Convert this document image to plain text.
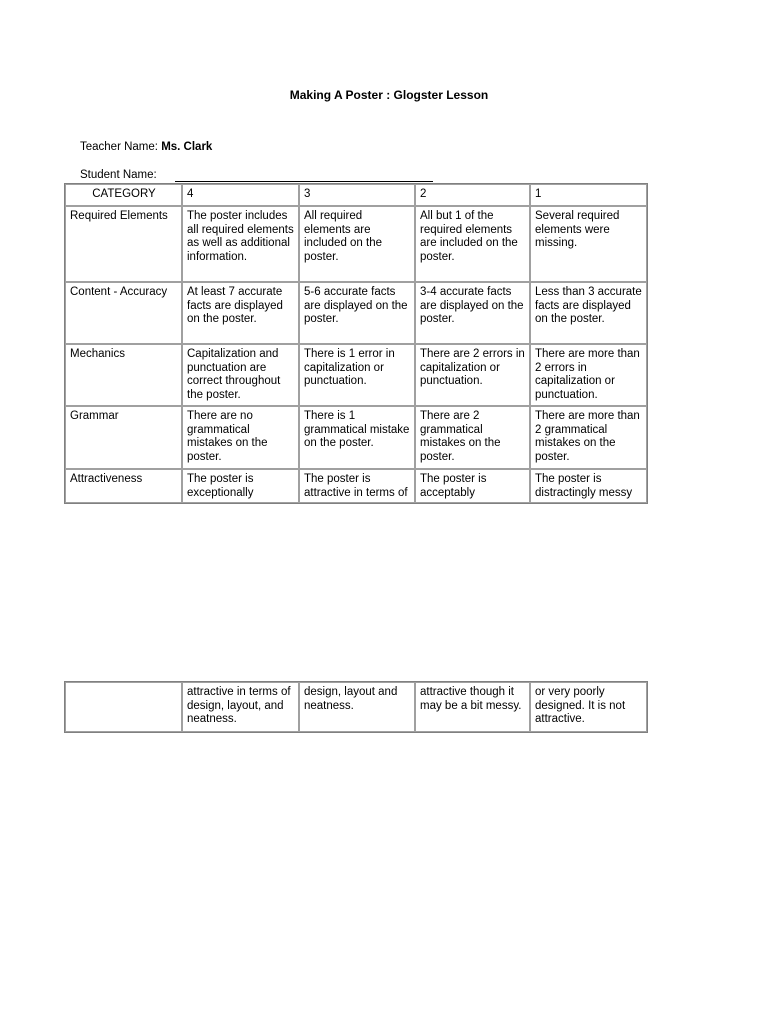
Making A Poster : Glogster Lesson
Teacher Name: Ms. Clark
Student Name:
CATEGORY	4	3	2	1
Required Elements	The poster includes all required elements as well as additional information.	All required elements are included on the poster.	All but 1 of the required elements are included on the poster.	Several required elements were missing.
Content - Accuracy	At least 7 accurate facts are displayed on the poster.	5-6 accurate facts are displayed on the poster.	3-4 accurate facts are displayed on the poster.	Less than 3 accurate facts are displayed on the poster.
Mechanics	Capitalization and punctuation are correct throughout the poster.	There is 1 error in capitalization or punctuation.	There are 2 errors in capitalization or punctuation.	There are more than 2 errors in capitalization or punctuation.
Grammar	There are no grammatical mistakes on the poster.	There is 1 grammatical mistake on the poster.	There are 2 grammatical mistakes on the poster.	There are more than 2 grammatical mistakes on the poster.
Attractiveness	The poster is exceptionally	The poster is attractive in terms of	The poster is acceptably	The poster is distractingly messy
	attractive in terms of design, layout, and neatness.	design, layout and neatness.	attractive though it may be a bit messy.	or very poorly designed. It is not attractive.
